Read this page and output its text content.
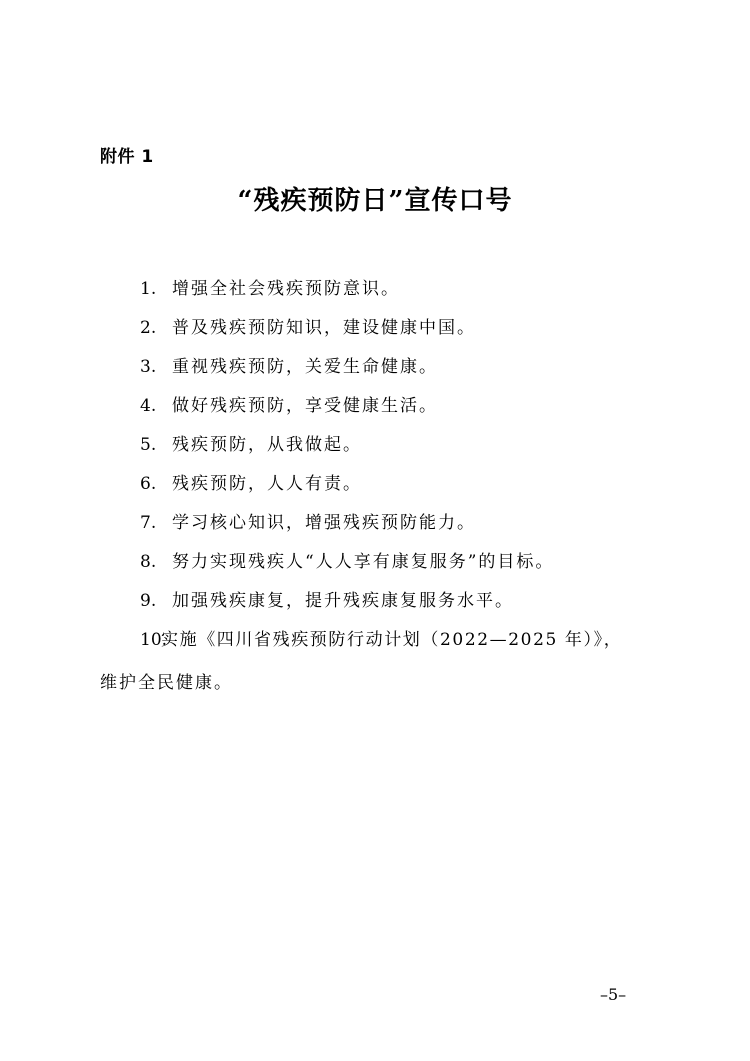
附件 1
“残疾预防日”宣传口号
1. 增强全社会残疾预防意识。
2. 普及残疾预防知识，建设健康中国。
3. 重视残疾预防，关爱生命健康。
4. 做好残疾预防，享受健康生活。
5. 残疾预防，从我做起。
6. 残疾预防，人人有责。
7. 学习核心知识，增强残疾预防能力。
8. 努力实现残疾人“人人享有康复服务”的目标。
9. 加强残疾康复，提升残疾康复服务水平。
10.
实施《四川省残疾预防行动计划（2022—2025 年）》，
维护全民健康。
–5–
